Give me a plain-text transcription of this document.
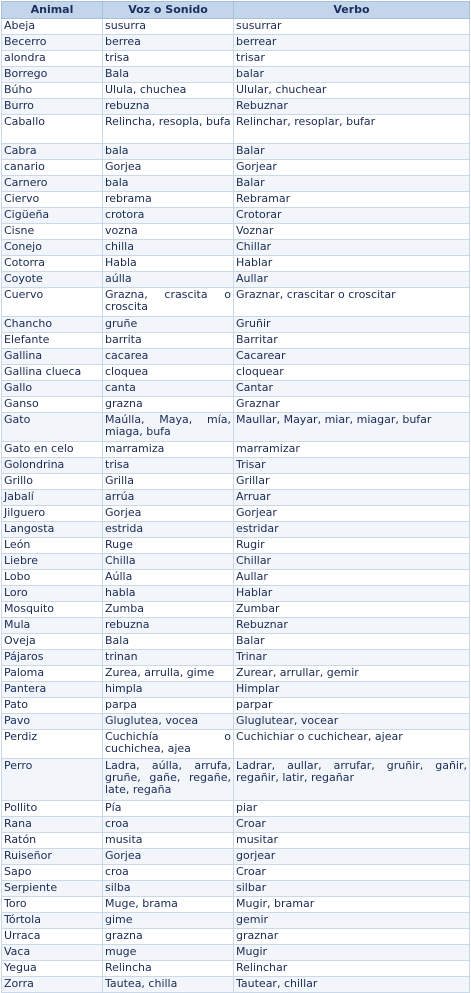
Animal	Voz o Sonido	Verbo
Abeja	susurra	susurrar
Becerro	berrea	berrear
alondra	trisa	trisar
Borrego	Bala	balar
Búho	Ulula, chuchea	Ulular, chuchear
Burro	rebuzna	Rebuznar
Caballo	Relincha, resopla, bufa	Relinchar, resoplar, bufar
Cabra	bala	Balar
canario	Gorjea	Gorjear
Carnero	bala	Balar
Ciervo	rebrama	Rebramar
Cigüeña	crotora	Crotorar
Cisne	vozna	Voznar
Conejo	chilla	Chillar
Cotorra	Habla	Hablar
Coyote	aúlla	Aullar
Cuervo	Grazna, crascita o croscita	Graznar, crascitar o croscitar
Chancho	gruñe	Gruñir
Elefante	barrita	Barritar
Gallina	cacarea	Cacarear
Gallina clueca	cloquea	cloquear
Gallo	canta	Cantar
Ganso	grazna	Graznar
Gato	Maúlla, Maya, mía, miaga, bufa	Maullar, Mayar, miar, miagar, bufar
Gato en celo	marramiza	marramizar
Golondrina	trisa	Trisar
Grillo	Grilla	Grillar
Jabalí	arrúa	Arruar
Jilguero	Gorjea	Gorjear
Langosta	estrida	estridar
León	Ruge	Rugir
Liebre	Chilla	Chillar
Lobo	Aúlla	Aullar
Loro	habla	Hablar
Mosquito	Zumba	Zumbar
Mula	rebuzna	Rebuznar
Oveja	Bala	Balar
Pájaros	trinan	Trinar
Paloma	Zurea, arrulla, gime	Zurear, arrullar, gemir
Pantera	himpla	Himplar
Pato	parpa	parpar
Pavo	Gluglutea, vocea	Gluglutear, vocear
Perdiz	Cuchichía o cuchichea, ajea	Cuchichiar o cuchichear, ajear
Perro	Ladra, aúlla, arrufa, gruñe, gañe, regañe, late, regaña	Ladrar, aullar, arrufar, gruñir, gañir, regañir, latir, regañar
Pollito	Pía	piar
Rana	croa	Croar
Ratón	musita	musitar
Ruiseñor	Gorjea	gorjear
Sapo	croa	Croar
Serpiente	silba	silbar
Toro	Muge, brama	Mugir, bramar
Tórtola	gime	gemir
Urraca	grazna	graznar
Vaca	muge	Mugir
Yegua	Relincha	Relinchar
Zorra	Tautea, chilla	Tautear, chillar
